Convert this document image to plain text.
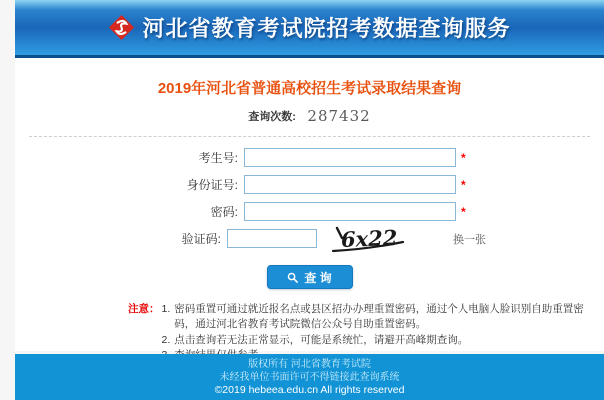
河北省教育考试院招考数据查询服务
2019年河北省普通高校招生考试录取结果查询
查询次数: 287432
考生号:	*
身份证号:	*
密码:	*
验证码:	6x22	换一张
查 询
注意： 1. 密码重置可通过就近报名点或县区招办办理重置密码，通过个人电脑人脸识别自助重置密码，通过河北省教育考试院微信公众号自助重置密码。
2. 点击查询若无法正常显示，可能是系统忙，请避开高峰期查询。
版权所有 河北省教育考试院
未经我单位书面许可不得链接此查询系统
©2019 hebeea.edu.cn All rights reserved
